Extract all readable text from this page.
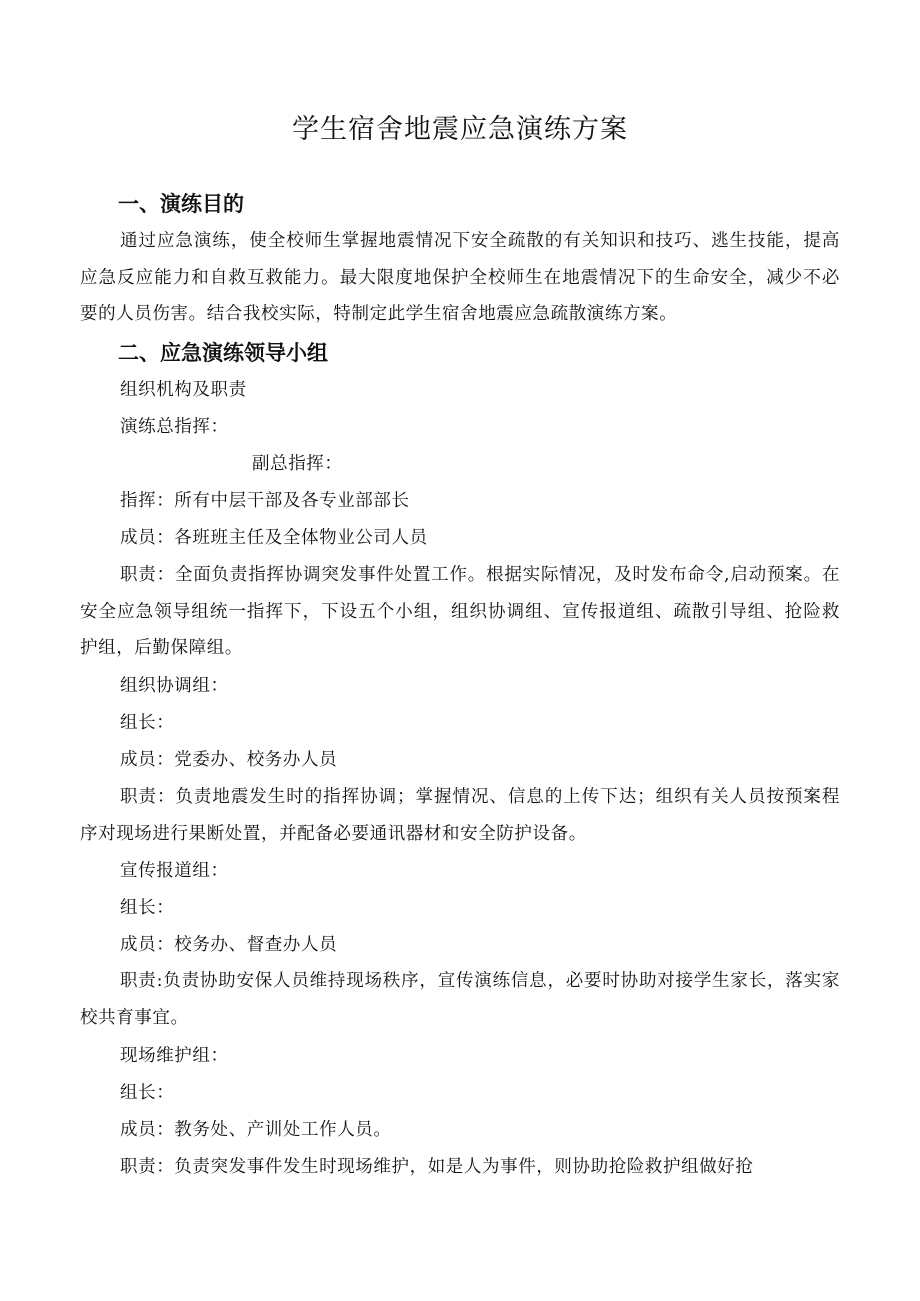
学生宿舍地震应急演练方案
一、演练目的
通过应急演练，使全校师生掌握地震情况下安全疏散的有关知识和技巧、逃生技能，提高应急反应能力和自救互救能力。最大限度地保护全校师生在地震情况下的生命安全，减少不必要的人员伤害。结合我校实际，特制定此学生宿舍地震应急疏散演练方案。
二、应急演练领导小组
组织机构及职责
演练总指挥：
副总指挥：
指挥：所有中层干部及各专业部部长
成员：各班班主任及全体物业公司人员
职责：全面负责指挥协调突发事件处置工作。根据实际情况，及时发布命令,启动预案。在安全应急领导组统一指挥下，下设五个小组，组织协调组、宣传报道组、疏散引导组、抢险救护组，后勤保障组。
组织协调组：
组长：
成员：党委办、校务办人员
职责：负责地震发生时的指挥协调；掌握情况、信息的上传下达；组织有关人员按预案程序对现场进行果断处置，并配备必要通讯器材和安全防护设备。
宣传报道组：
组长：
成员：校务办、督查办人员
职责:负责协助安保人员维持现场秩序，宣传演练信息，必要时协助对接学生家长，落实家校共育事宜。
现场维护组：
组长：
成员：教务处、产训处工作人员。
职责：负责突发事件发生时现场维护，如是人为事件，则协助抢险救护组做好抢
